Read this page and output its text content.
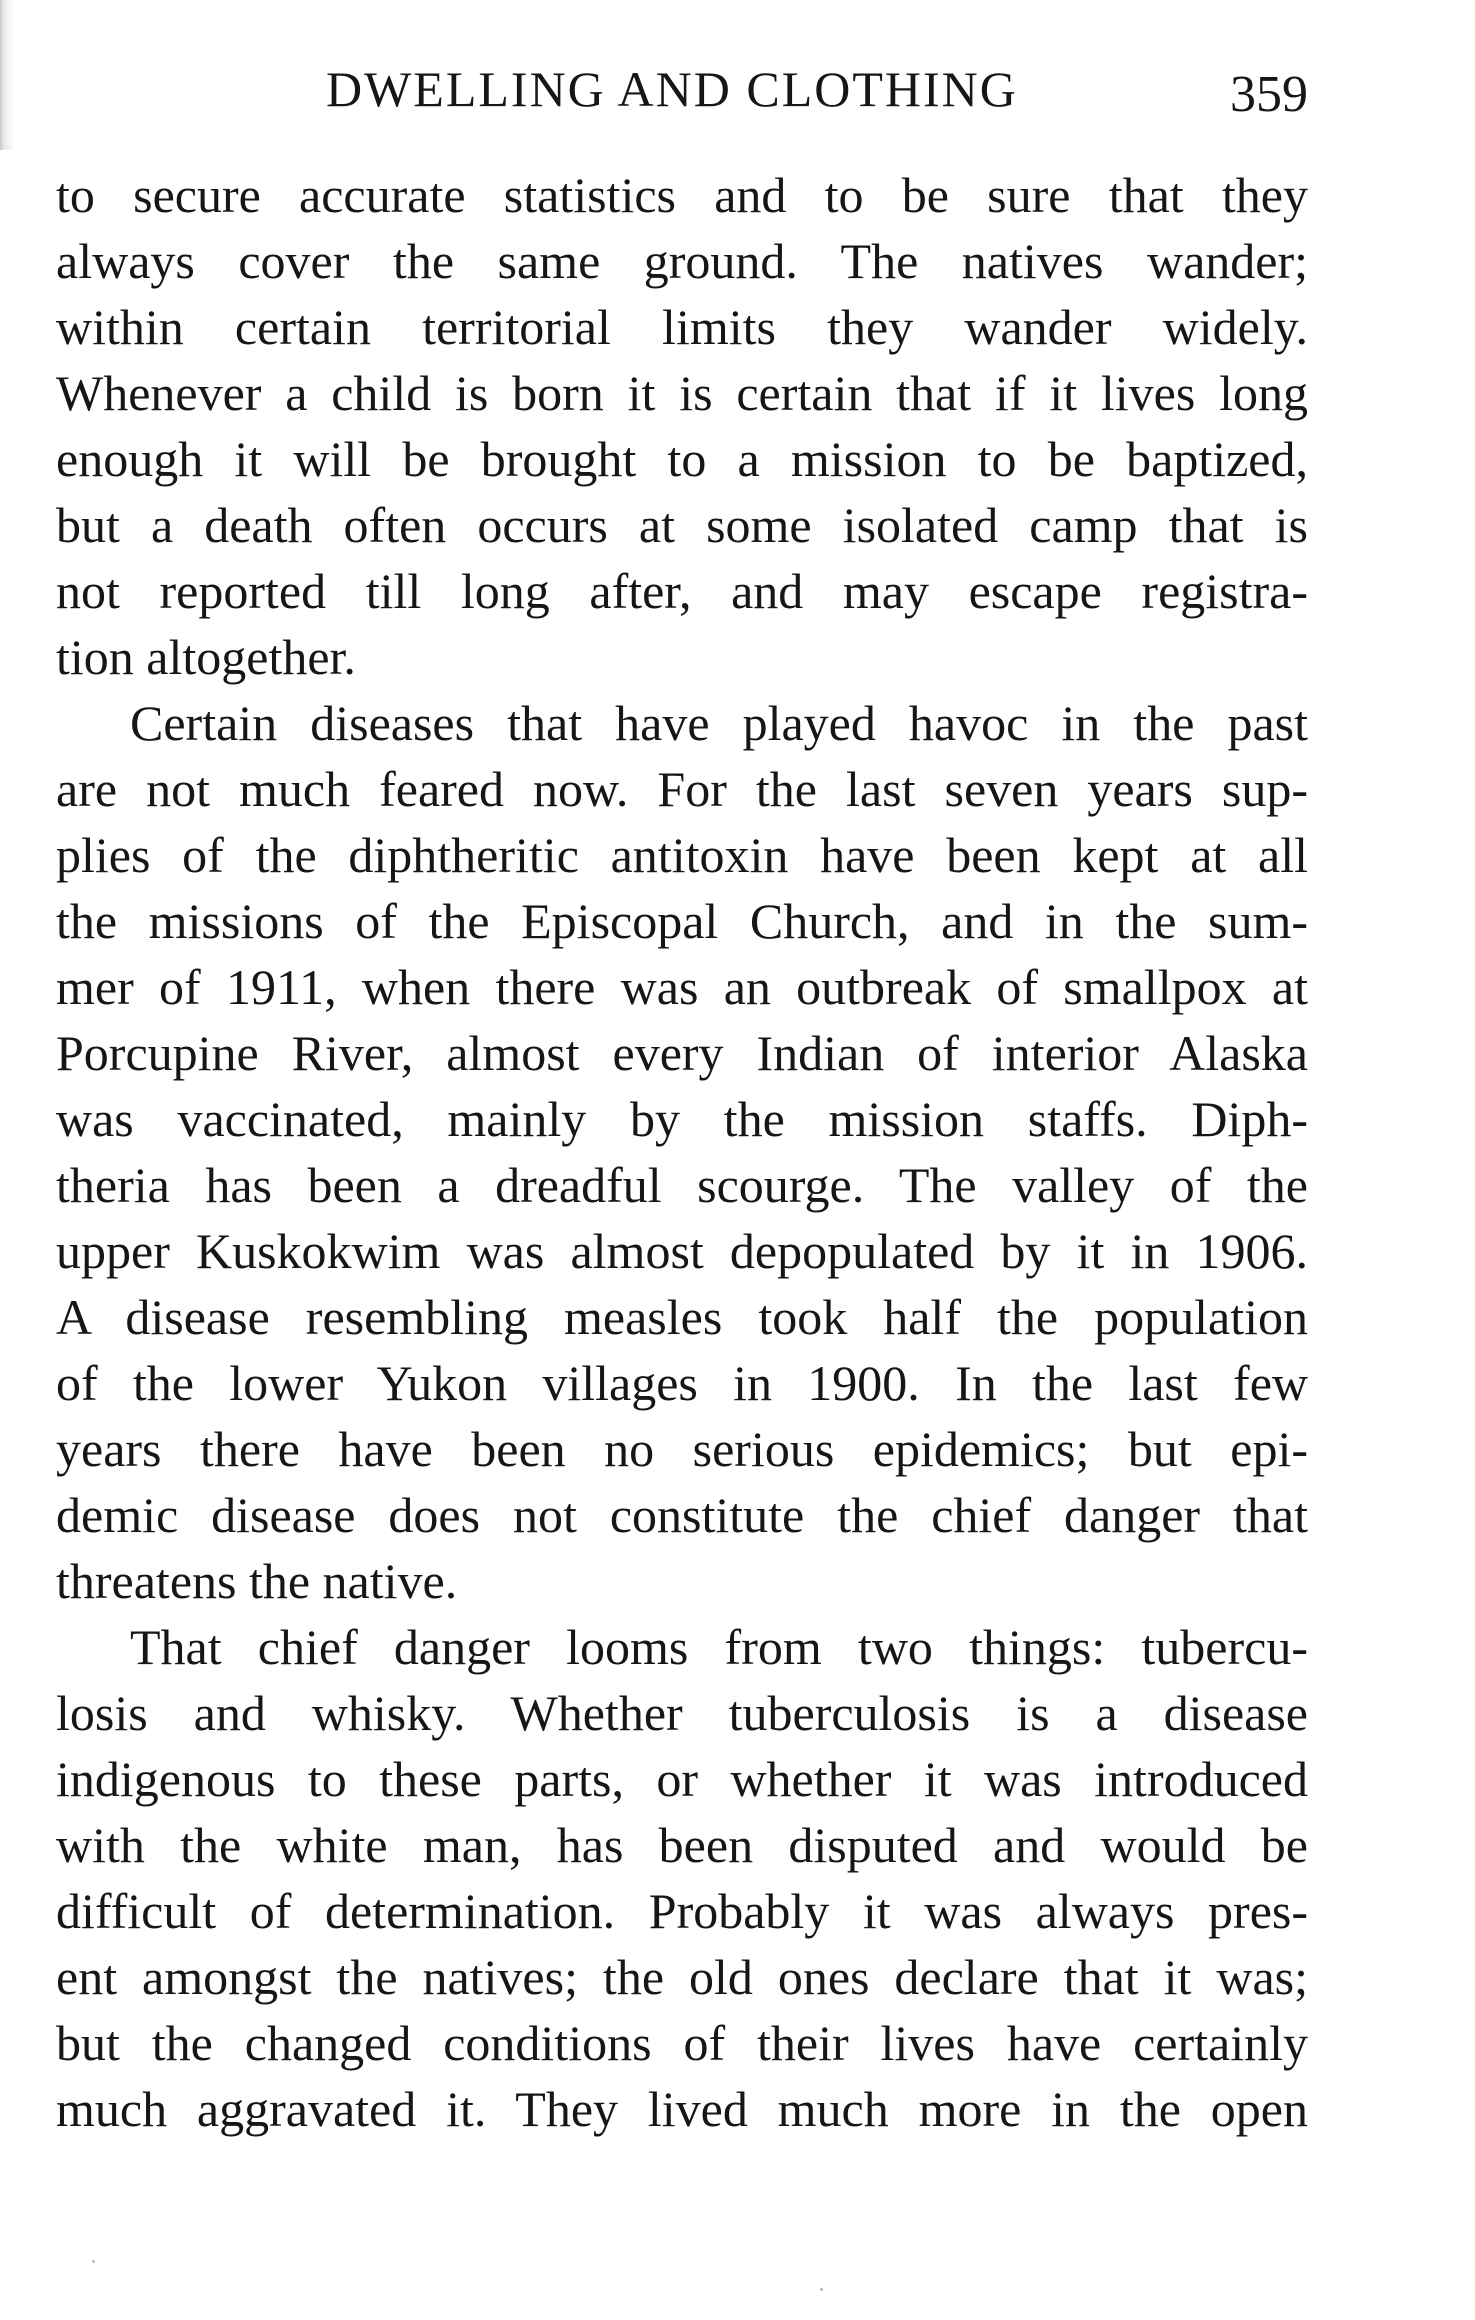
DWELLING AND CLOTHING	359
to secure accurate statistics and to be sure that they
always cover the same ground. The natives wander;
within certain territorial limits they wander widely.
Whenever a child is born it is certain that if it lives long
enough it will be brought to a mission to be baptized,
but a death often occurs at some isolated camp that is
not reported till long after, and may escape registra-
tion altogether.
Certain diseases that have played havoc in the past
are not much feared now. For the last seven years sup-
plies of the diphtheritic antitoxin have been kept at all
the missions of the Episcopal Church, and in the sum-
mer of 1911, when there was an outbreak of smallpox at
Porcupine River, almost every Indian of interior Alaska
was vaccinated, mainly by the mission staffs. Diph-
theria has been a dreadful scourge. The valley of the
upper Kuskokwim was almost depopulated by it in 1906.
A disease resembling measles took half the population
of the lower Yukon villages in 1900. In the last few
years there have been no serious epidemics; but epi-
demic disease does not constitute the chief danger that
threatens the native.
That chief danger looms from two things: tubercu-
losis and whisky. Whether tuberculosis is a disease
indigenous to these parts, or whether it was introduced
with the white man, has been disputed and would be
difficult of determination. Probably it was always pres-
ent amongst the natives; the old ones declare that it was;
but the changed conditions of their lives have certainly
much aggravated it. They lived much more in the open
